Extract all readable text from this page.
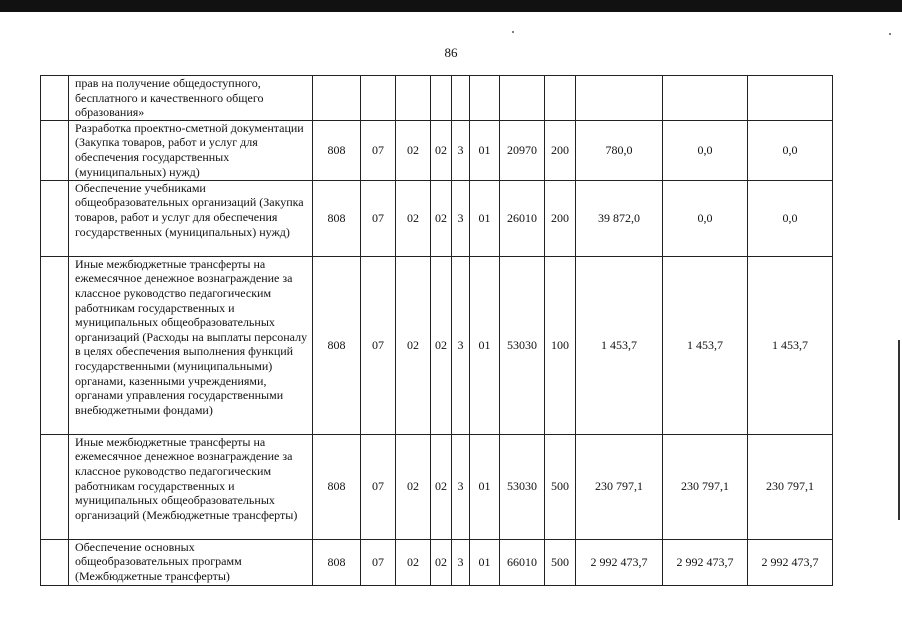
86
	прав на получение общедоступного, бесплатного и качественного общего образования»											
	Разработка проектно-сметной документации (Закупка товаров, работ и услуг для обеспечения государственных (муниципальных) нужд)	808	07	02	02	3	01	20970	200	780,0	0,0	0,0
	Обеспечение учебниками общеобразовательных организаций (Закупка товаров, работ и услуг для обеспечения государственных (муниципальных) нужд)	808	07	02	02	3	01	26010	200	39 872,0	0,0	0,0
	Иные межбюджетные трансферты на ежемесячное денежное вознаграждение за классное руководство педагогическим работникам государственных и муниципальных общеобразовательных организаций (Расходы на выплаты персоналу в целях обеспечения выполнения функций государственными (муниципальными) органами, казенными учреждениями, органами управления государственными внебюджетными фондами)	808	07	02	02	3	01	53030	100	1 453,7	1 453,7	1 453,7
	Иные межбюджетные трансферты на ежемесячное денежное вознаграждение за классное руководство педагогическим работникам государственных и муниципальных общеобразовательных организаций (Межбюджетные трансферты)	808	07	02	02	3	01	53030	500	230 797,1	230 797,1	230 797,1
	Обеспечение основных общеобразовательных программ (Межбюджетные трансферты)	808	07	02	02	3	01	66010	500	2 992 473,7	2 992 473,7	2 992 473,7
